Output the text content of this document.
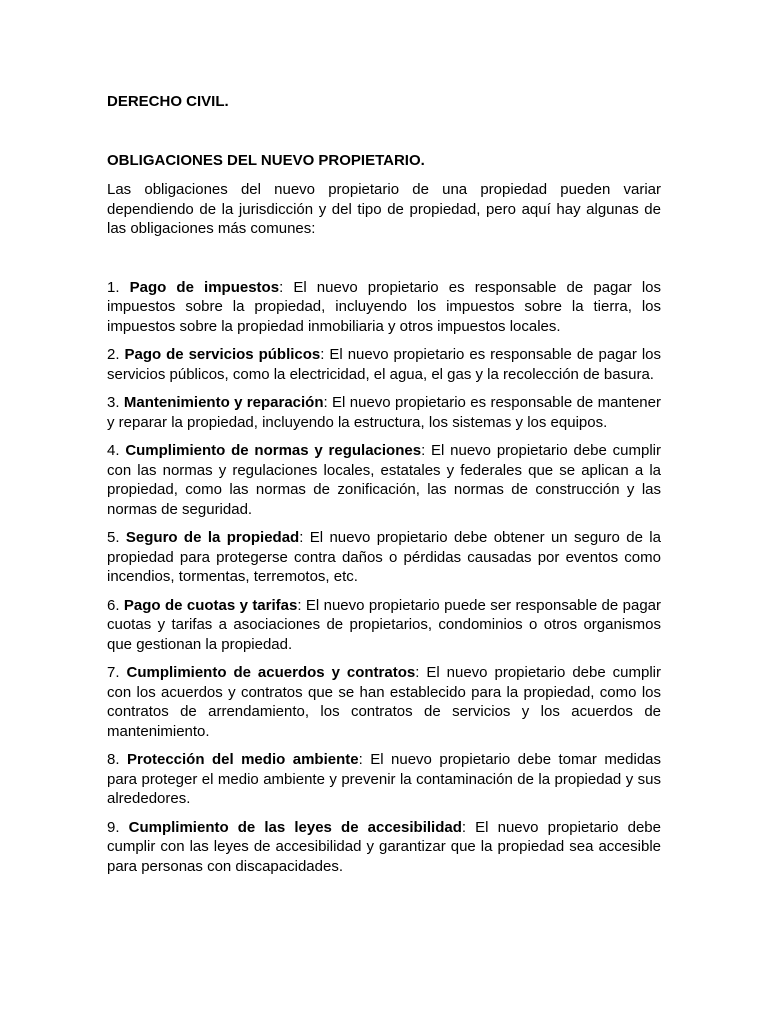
DERECHO CIVIL.

OBLIGACIONES DEL NUEVO PROPIETARIO.

Las obligaciones del nuevo propietario de una propiedad pueden variar dependiendo de la jurisdicción y del tipo de propiedad, pero aquí hay algunas de las obligaciones más comunes:

1. Pago de impuestos: El nuevo propietario es responsable de pagar los impuestos sobre la propiedad, incluyendo los impuestos sobre la tierra, los impuestos sobre la propiedad inmobiliaria y otros impuestos locales.

2. Pago de servicios públicos: El nuevo propietario es responsable de pagar los servicios públicos, como la electricidad, el agua, el gas y la recolección de basura.

3. Mantenimiento y reparación: El nuevo propietario es responsable de mantener y reparar la propiedad, incluyendo la estructura, los sistemas y los equipos.

4. Cumplimiento de normas y regulaciones: El nuevo propietario debe cumplir con las normas y regulaciones locales, estatales y federales que se aplican a la propiedad, como las normas de zonificación, las normas de construcción y las normas de seguridad.

5. Seguro de la propiedad: El nuevo propietario debe obtener un seguro de la propiedad para protegerse contra daños o pérdidas causadas por eventos como incendios, tormentas, terremotos, etc.

6. Pago de cuotas y tarifas: El nuevo propietario puede ser responsable de pagar cuotas y tarifas a asociaciones de propietarios, condominios o otros organismos que gestionan la propiedad.

7. Cumplimiento de acuerdos y contratos: El nuevo propietario debe cumplir con los acuerdos y contratos que se han establecido para la propiedad, como los contratos de arrendamiento, los contratos de servicios y los acuerdos de mantenimiento.

8. Protección del medio ambiente: El nuevo propietario debe tomar medidas para proteger el medio ambiente y prevenir la contaminación de la propiedad y sus alrededores.

9. Cumplimiento de las leyes de accesibilidad: El nuevo propietario debe cumplir con las leyes de accesibilidad y garantizar que la propiedad sea accesible para personas con discapacidades.
